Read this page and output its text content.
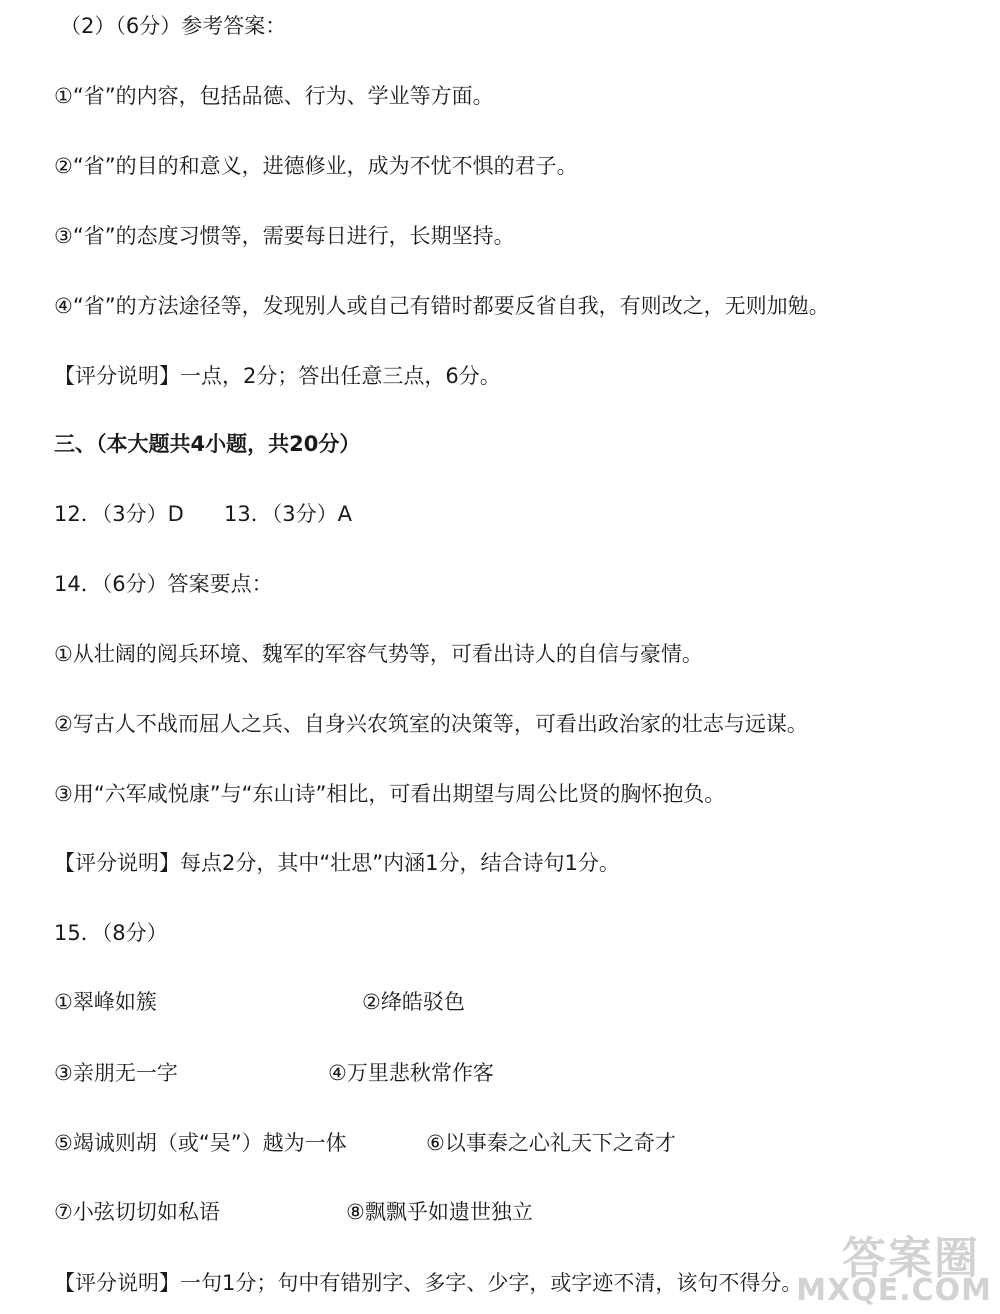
（2）（6分）参考答案：
①“省”的内容，包括品德、行为、学业等方面。
②“省”的目的和意义，进德修业，成为不忧不惧的君子。
③“省”的态度习惯等，需要每日进行，长期坚持。
④“省”的方法途径等，发现别人或自己有错时都要反省自我，有则改之，无则加勉。
【评分说明】一点，2分；答出任意三点，6分。
三、（本大题共4小题，共20分）
12．（3分）D 13．（3分）A
14．（6分）答案要点：
①从壮阔的阅兵环境、魏军的军容气势等，可看出诗人的自信与豪情。
②写古人不战而屈人之兵、自身兴农筑室的决策等，可看出政治家的壮志与远谋。
③用“六军咸悦康”与“东山诗”相比，可看出期望与周公比贤的胸怀抱负。
【评分说明】每点2分，其中“壮思”内涵1分，结合诗句1分。
15．（8分）
①翠峰如簇	②绛皓驳色
③亲朋无一字	④万里悲秋常作客
⑤竭诚则胡（或“吴”）越为一体	⑥以事秦之心礼天下之奇才
⑦小弦切切如私语	⑧飘飘乎如遗世独立
【评分说明】一句1分；句中有错别字、多字、少字，或字迹不清，该句不得分。 答案圈
MXQE.COM
